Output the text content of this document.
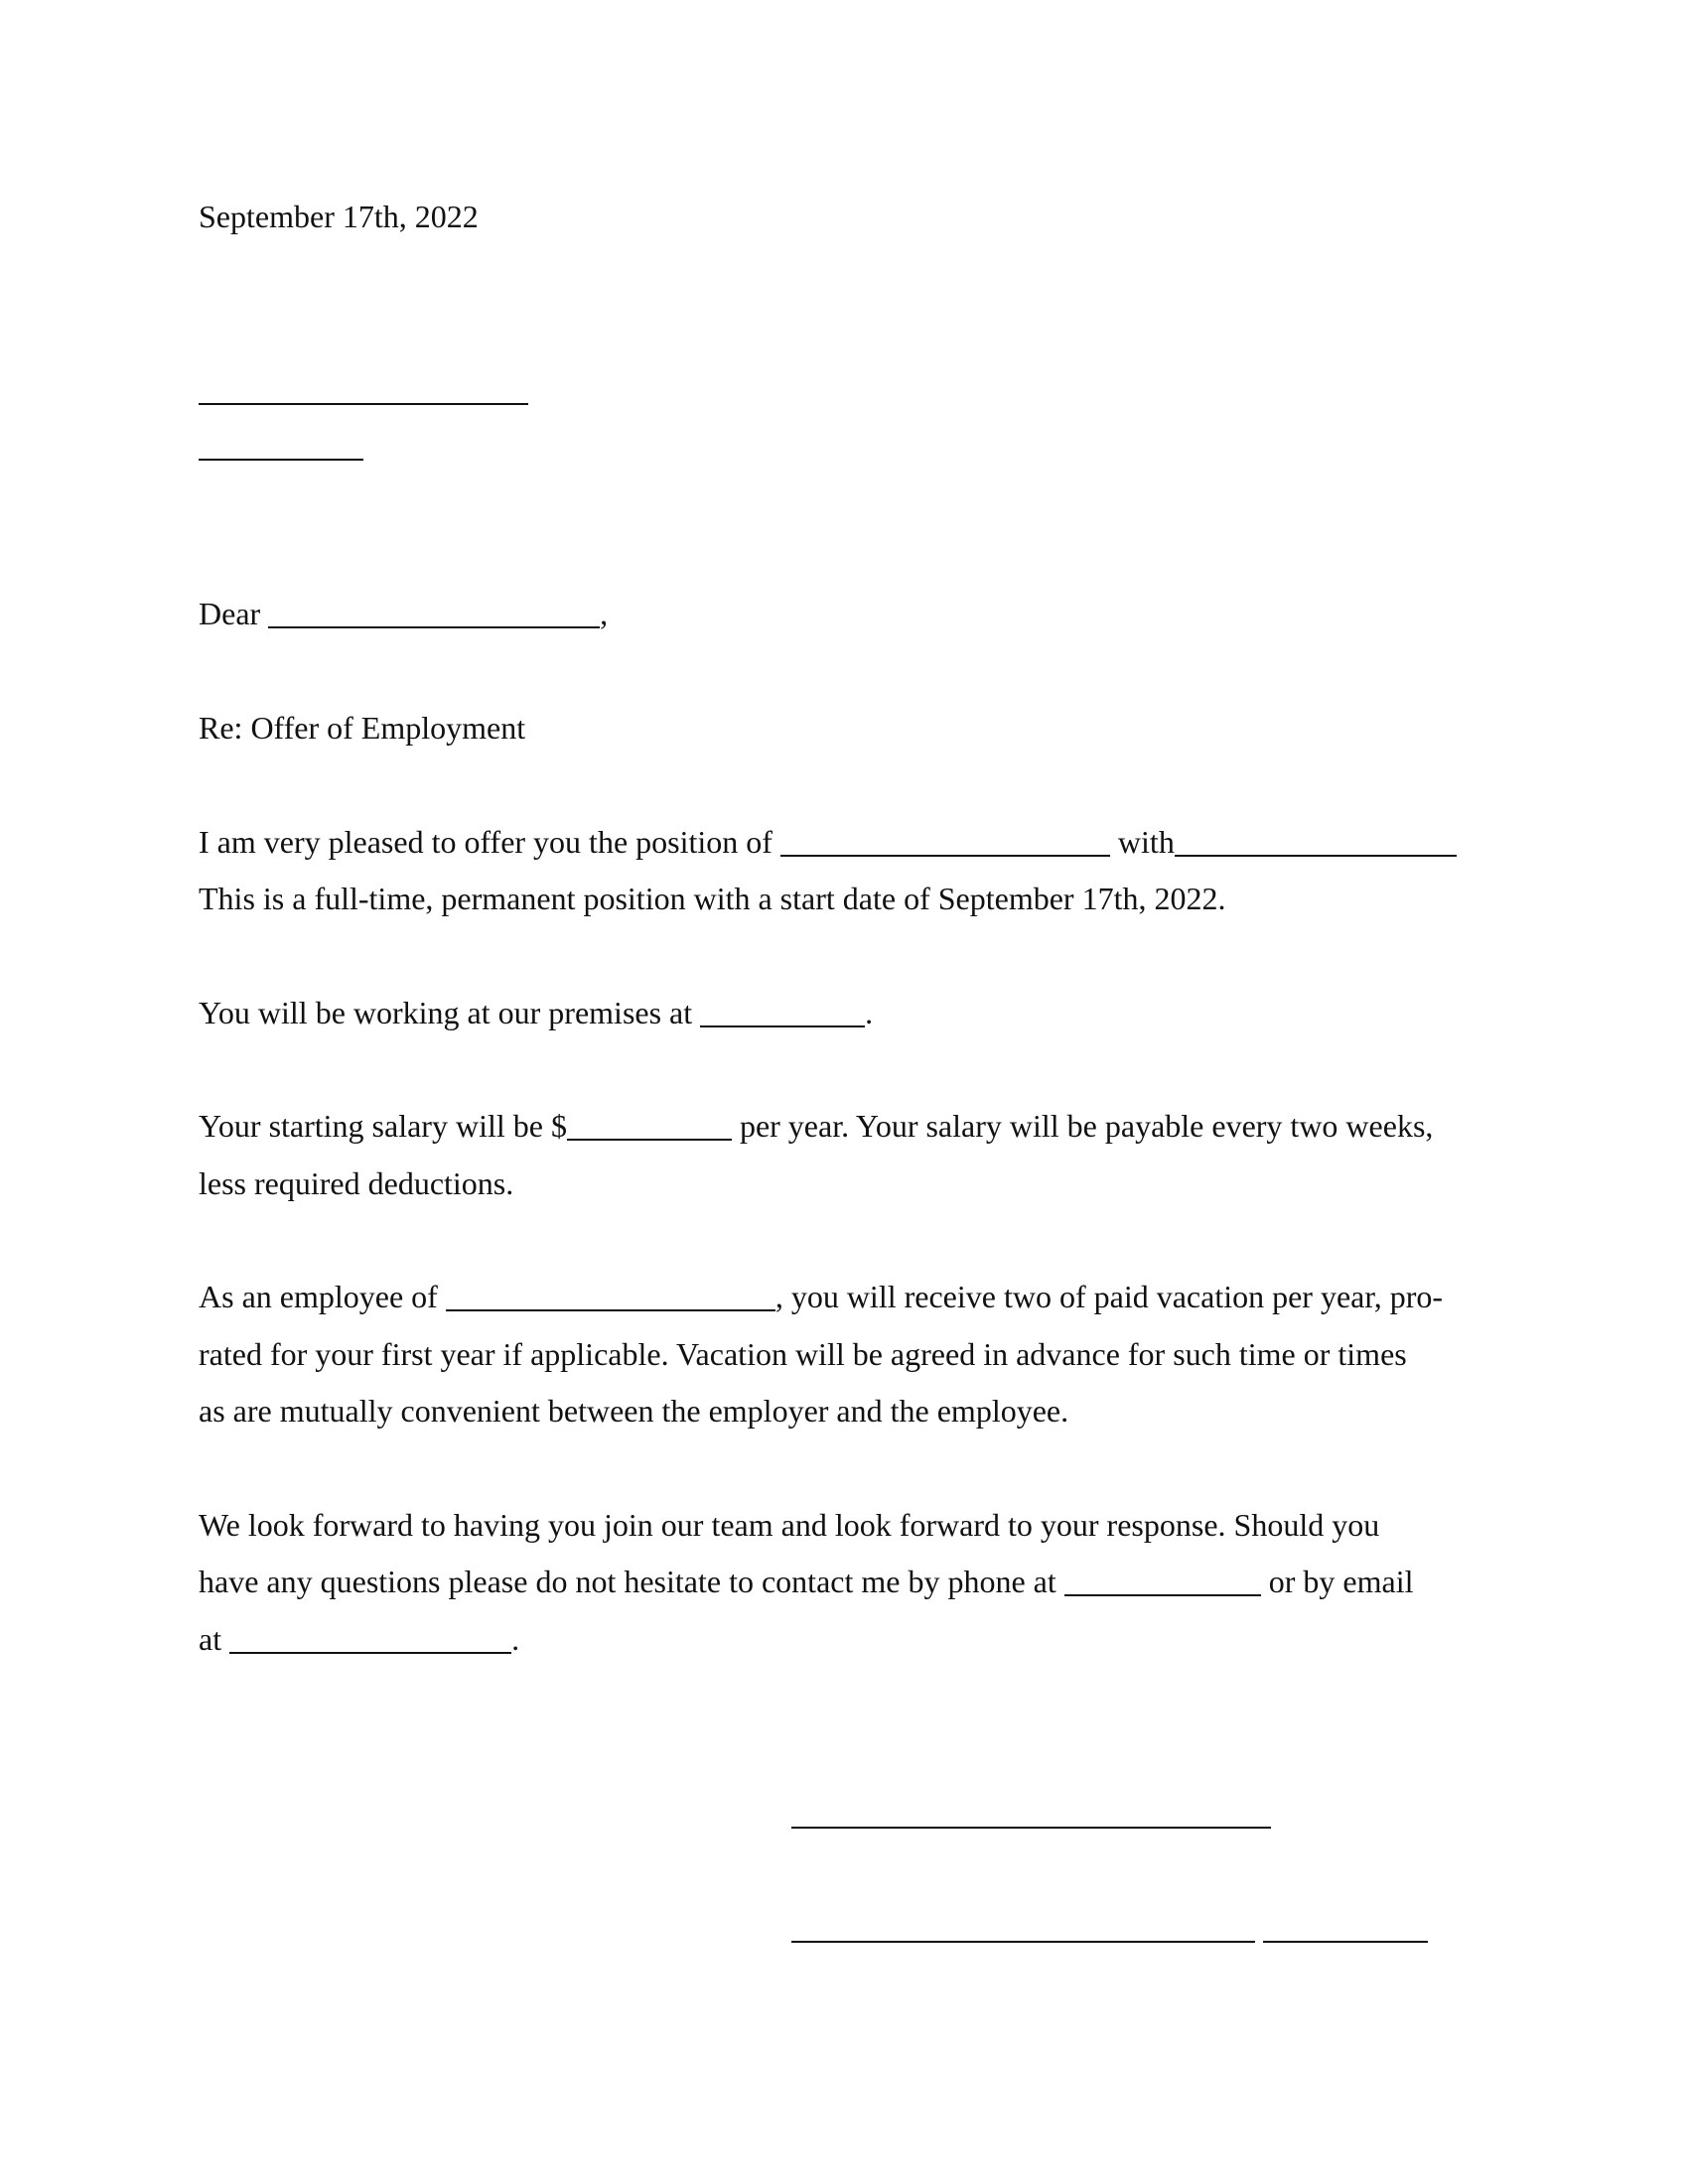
September 17th, 2022
Dear	,
Re: Offer of Employment
I am very pleased to offer you the position of	with
This is a full-time, permanent position with a start date of September 17th, 2022.
You will be working at our premises at	.
Your starting salary will be $	per year. Your salary will be payable every two weeks,
less required deductions.
As an employee of	, you will receive two of paid vacation per year, pro-
rated for your first year if applicable. Vacation will be agreed in advance for such time or times
as are mutually convenient between the employer and the employee.
We look forward to having you join our team and look forward to your response. Should you
have any questions please do not hesitate to contact me by phone at	or by email
at	.
